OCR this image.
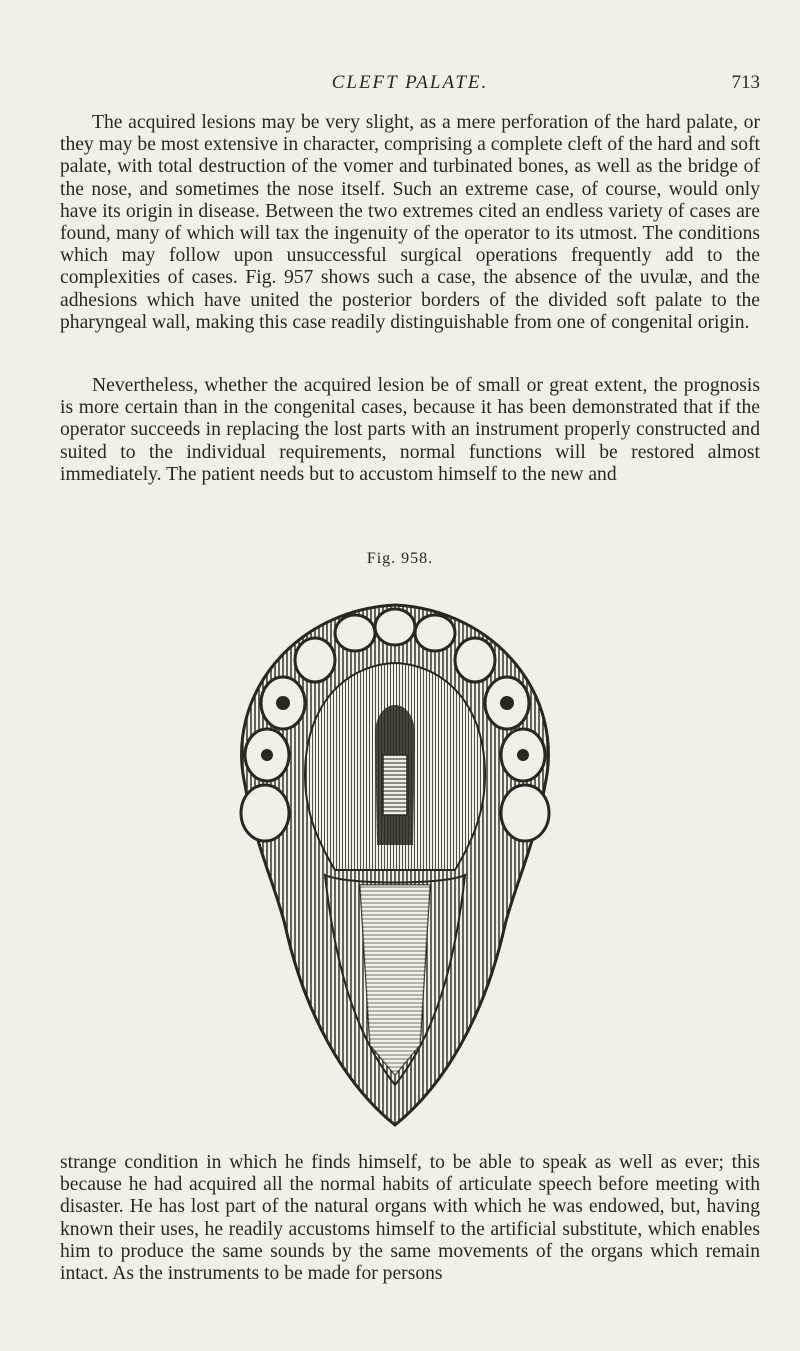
CLEFT PALATE.	713

The acquired lesions may be very slight, as a mere perforation of the hard palate, or they may be most extensive in character, comprising a complete cleft of the hard and soft palate, with total destruction of the vomer and turbinated bones, as well as the bridge of the nose, and sometimes the nose itself. Such an extreme case, of course, would only have its origin in disease. Between the two extremes cited an endless variety of cases are found, many of which will tax the ingenuity of the operator to its utmost. The conditions which may follow upon unsuccessful surgical operations frequently add to the complexities of cases. Fig. 957 shows such a case, the absence of the uvulæ, and the adhesions which have united the posterior borders of the divided soft palate to the pharyngeal wall, making this case readily distinguishable from one of congenital origin.

Nevertheless, whether the acquired lesion be of small or great extent, the prognosis is more certain than in the congenital cases, because it has been demonstrated that if the operator succeeds in replacing the lost parts with an instrument properly constructed and suited to the individual requirements, normal functions will be restored almost immediately. The patient needs but to accustom himself to the new and

Fig. 958.

strange condition in which he finds himself, to be able to speak as well as ever; this because he had acquired all the normal habits of articulate speech before meeting with disaster. He has lost part of the natural organs with which he was endowed, but, having known their uses, he readily accustoms himself to the artificial substitute, which enables him to produce the same sounds by the same movements of the organs which remain intact. As the instruments to be made for persons
